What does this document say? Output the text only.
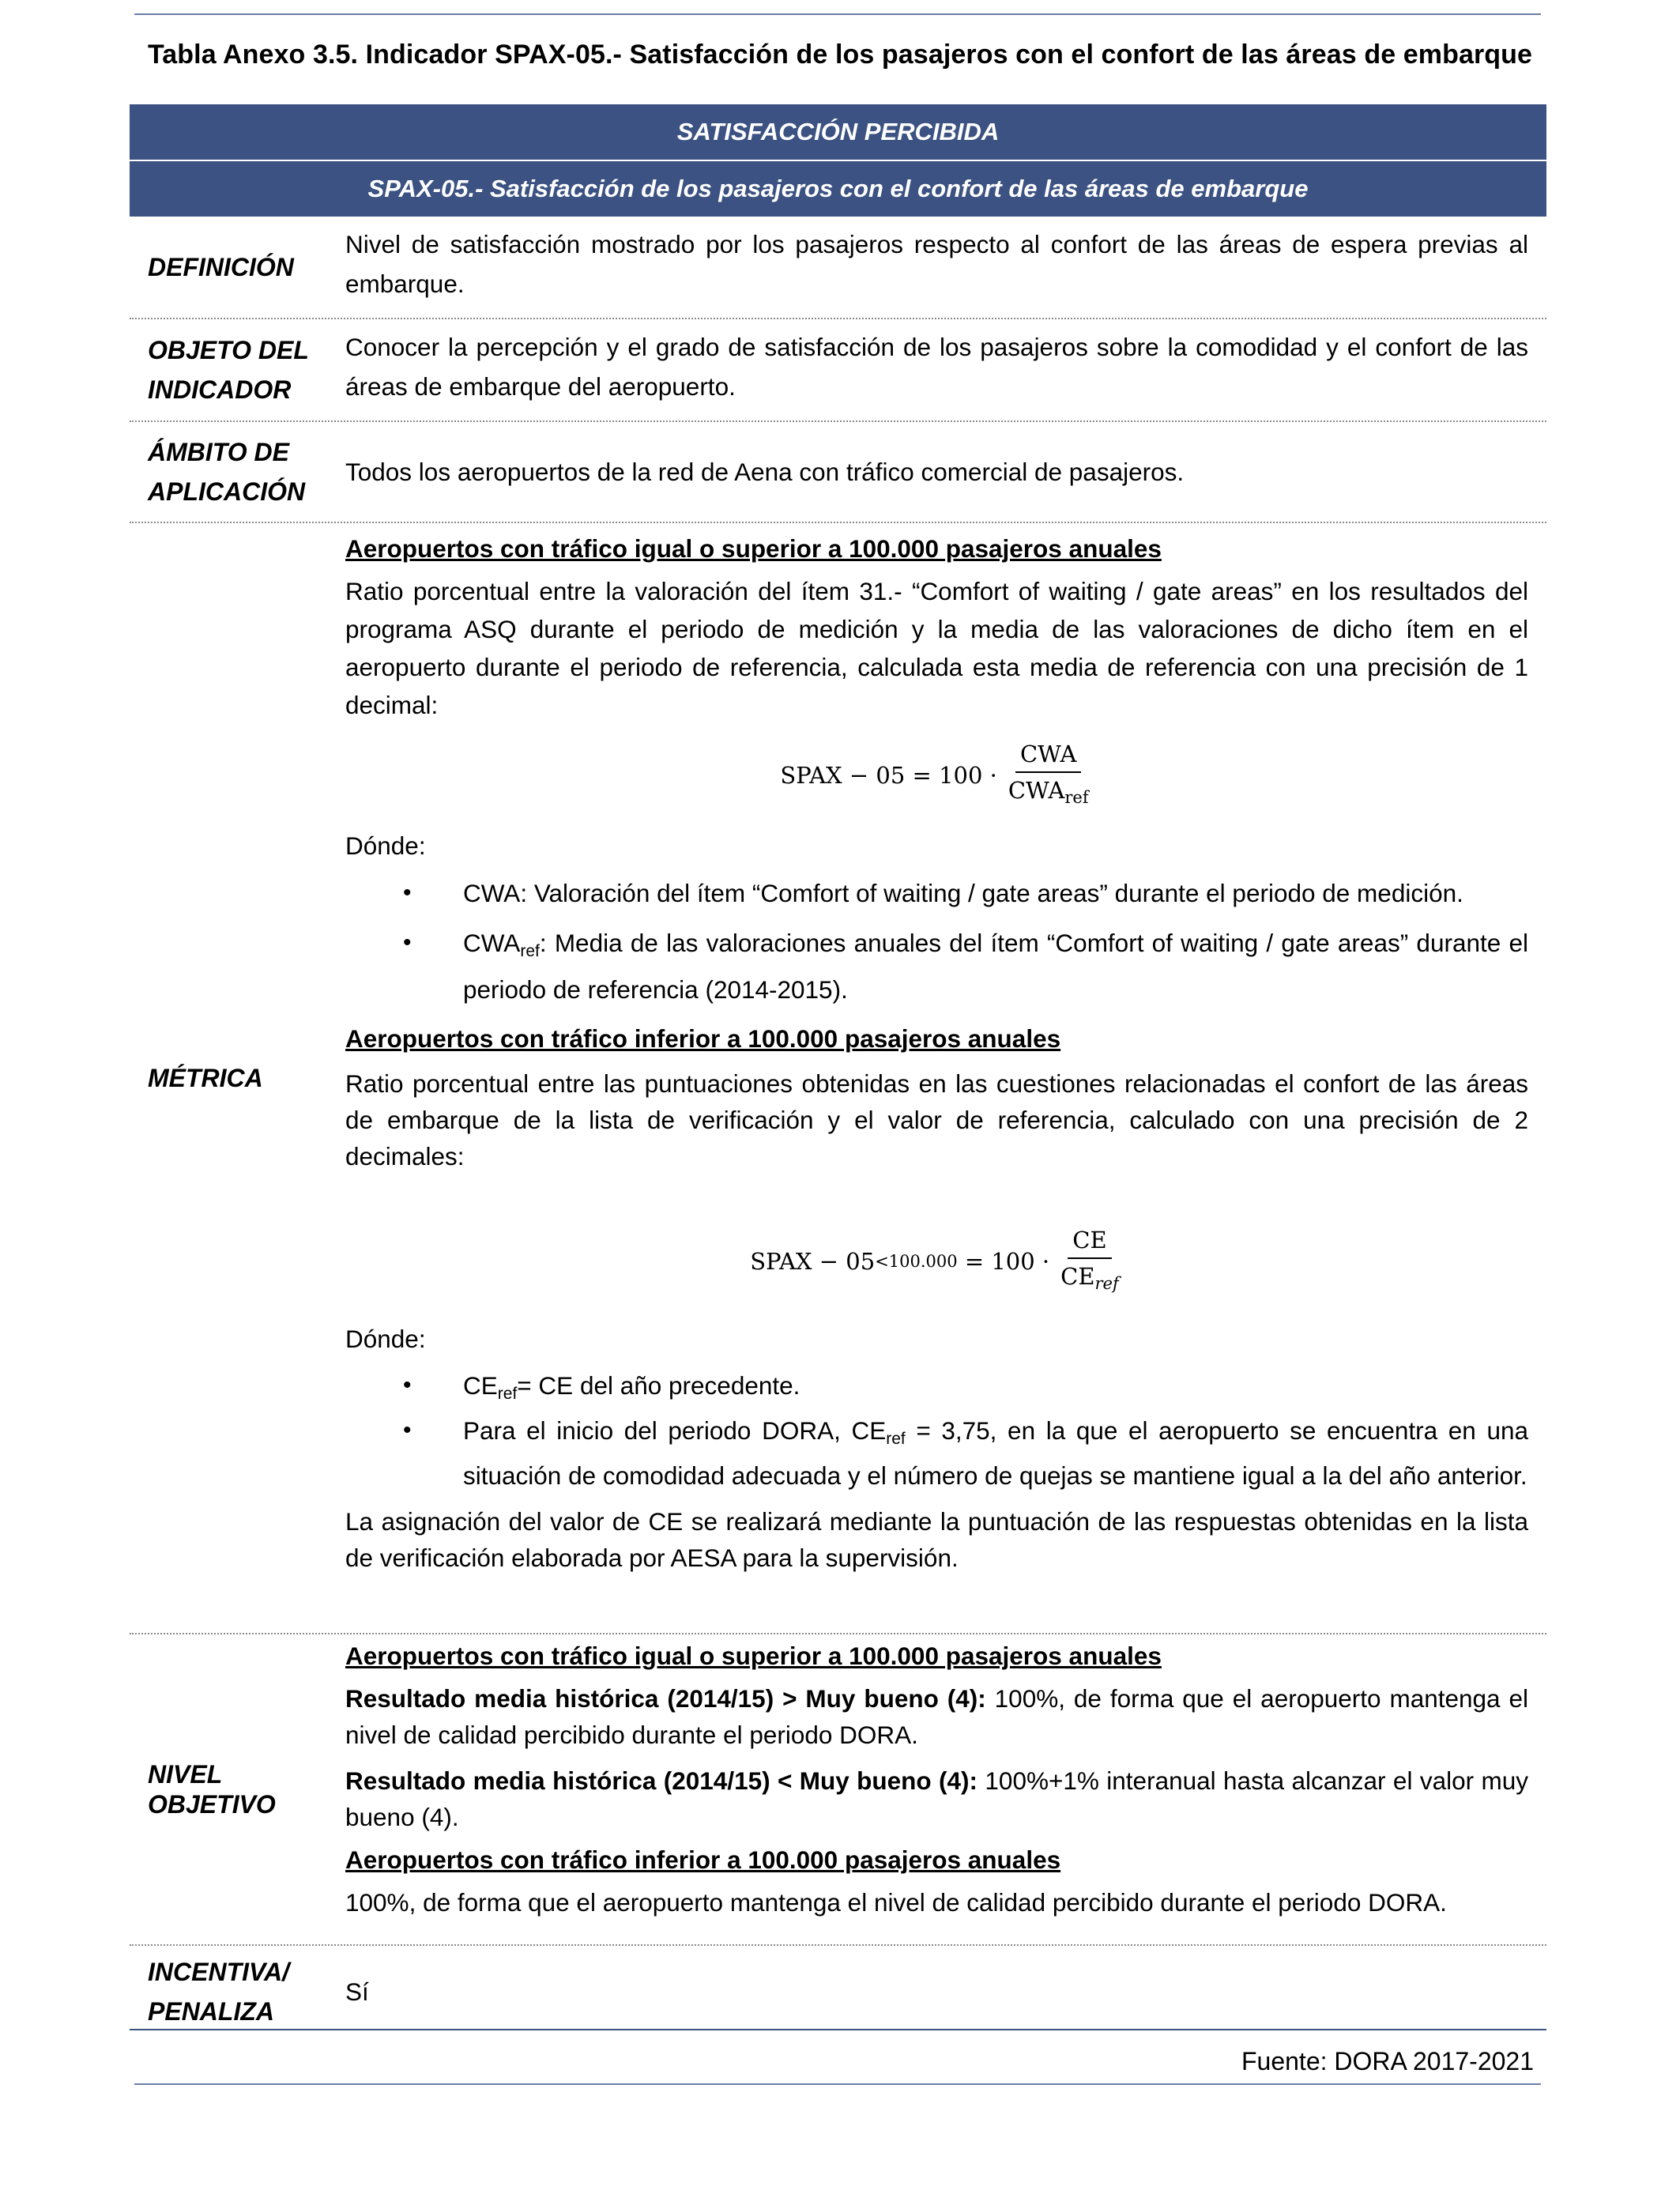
Tabla Anexo 3.5. Indicador SPAX-05.- Satisfacción de los pasajeros con el confort de las áreas de embarque
SATISFACCIÓN PERCIBIDA
SPAX-05.- Satisfacción de los pasajeros con el confort de las áreas de embarque
DEFINICIÓN

Nivel de satisfacción mostrado por los pasajeros respecto al confort de las áreas de espera previas al embarque.

OBJETO DEL
INDICADOR

Conocer la percepción y el grado de satisfacción de los pasajeros sobre la comodidad y el confort de las áreas de embarque del aeropuerto.

ÁMBITO DE
APLICACIÓN

Todos los aeropuertos de la red de Aena con tráfico comercial de pasajeros.

MÉTRICA

Aeropuertos con tráfico igual o superior a 100.000 pasajeros anuales

Ratio porcentual entre la valoración del ítem 31.- “Comfort of waiting / gate areas” en los resultados del programa ASQ durante el periodo de medición y la media de las valoraciones de dicho ítem en el aeropuerto durante el periodo de referencia, calculada esta media de referencia con una precisión de 1 decimal:

SPAX − $05 = 100 \cdot \frac{\text{CWA}}{CWA_{ref}}$

Dónde:

• CWA: Valoración del ítem “Comfort of waiting / gate areas” durante el periodo de medición.
• $CWA_{ref}$: Media de las valoraciones anuales del ítem “Comfort of waiting / gate areas” durante el periodo de referencia (2014-2015).

Aeropuertos con tráfico inferior a 100.000 pasajeros anuales

Ratio porcentual entre las puntuaciones obtenidas en las cuestiones relacionadas el confort de las áreas de embarque de la lista de verificación y el valor de referencia, calculado con una precisión de 2 decimales:

SPAX − 05 <100.000
= $100 \cdot \frac{CE}{CE_{ref}}$

Dónde:

• $CE_{ref}=$ CE del año precedente.
• Para el inicio del periodo DORA, $CE_{ref} = 3,75$, en la que el aeropuerto se encuentra en una situación de comodidad adecuada y el número de quejas se mantiene igual a la del año anterior.

La asignación del valor de CE se realizará mediante la puntuación de las respuestas obtenidas en la lista de verificación elaborada por AESA para la supervisión.

NIVEL
OBJETIVO

Aeropuertos con tráfico igual o superior a 100.000 pasajeros anuales

Resultado media histórica (2014/15) > Muy bueno (4): 100%, de forma que el aeropuerto mantenga el nivel de calidad percibido durante el periodo DORA.

Resultado media histórica (2014/15) < Muy bueno (4): 100%+1% interanual hasta alcanzar el valor muy bueno (4).

Aeropuertos con tráfico inferior a 100.000 pasajeros anuales

100%, de forma que el aeropuerto mantenga el nivel de calidad percibido durante el periodo DORA.

INCENTIVA/
PENALIZA

Sí

Fuente: DORA 2017-2021
